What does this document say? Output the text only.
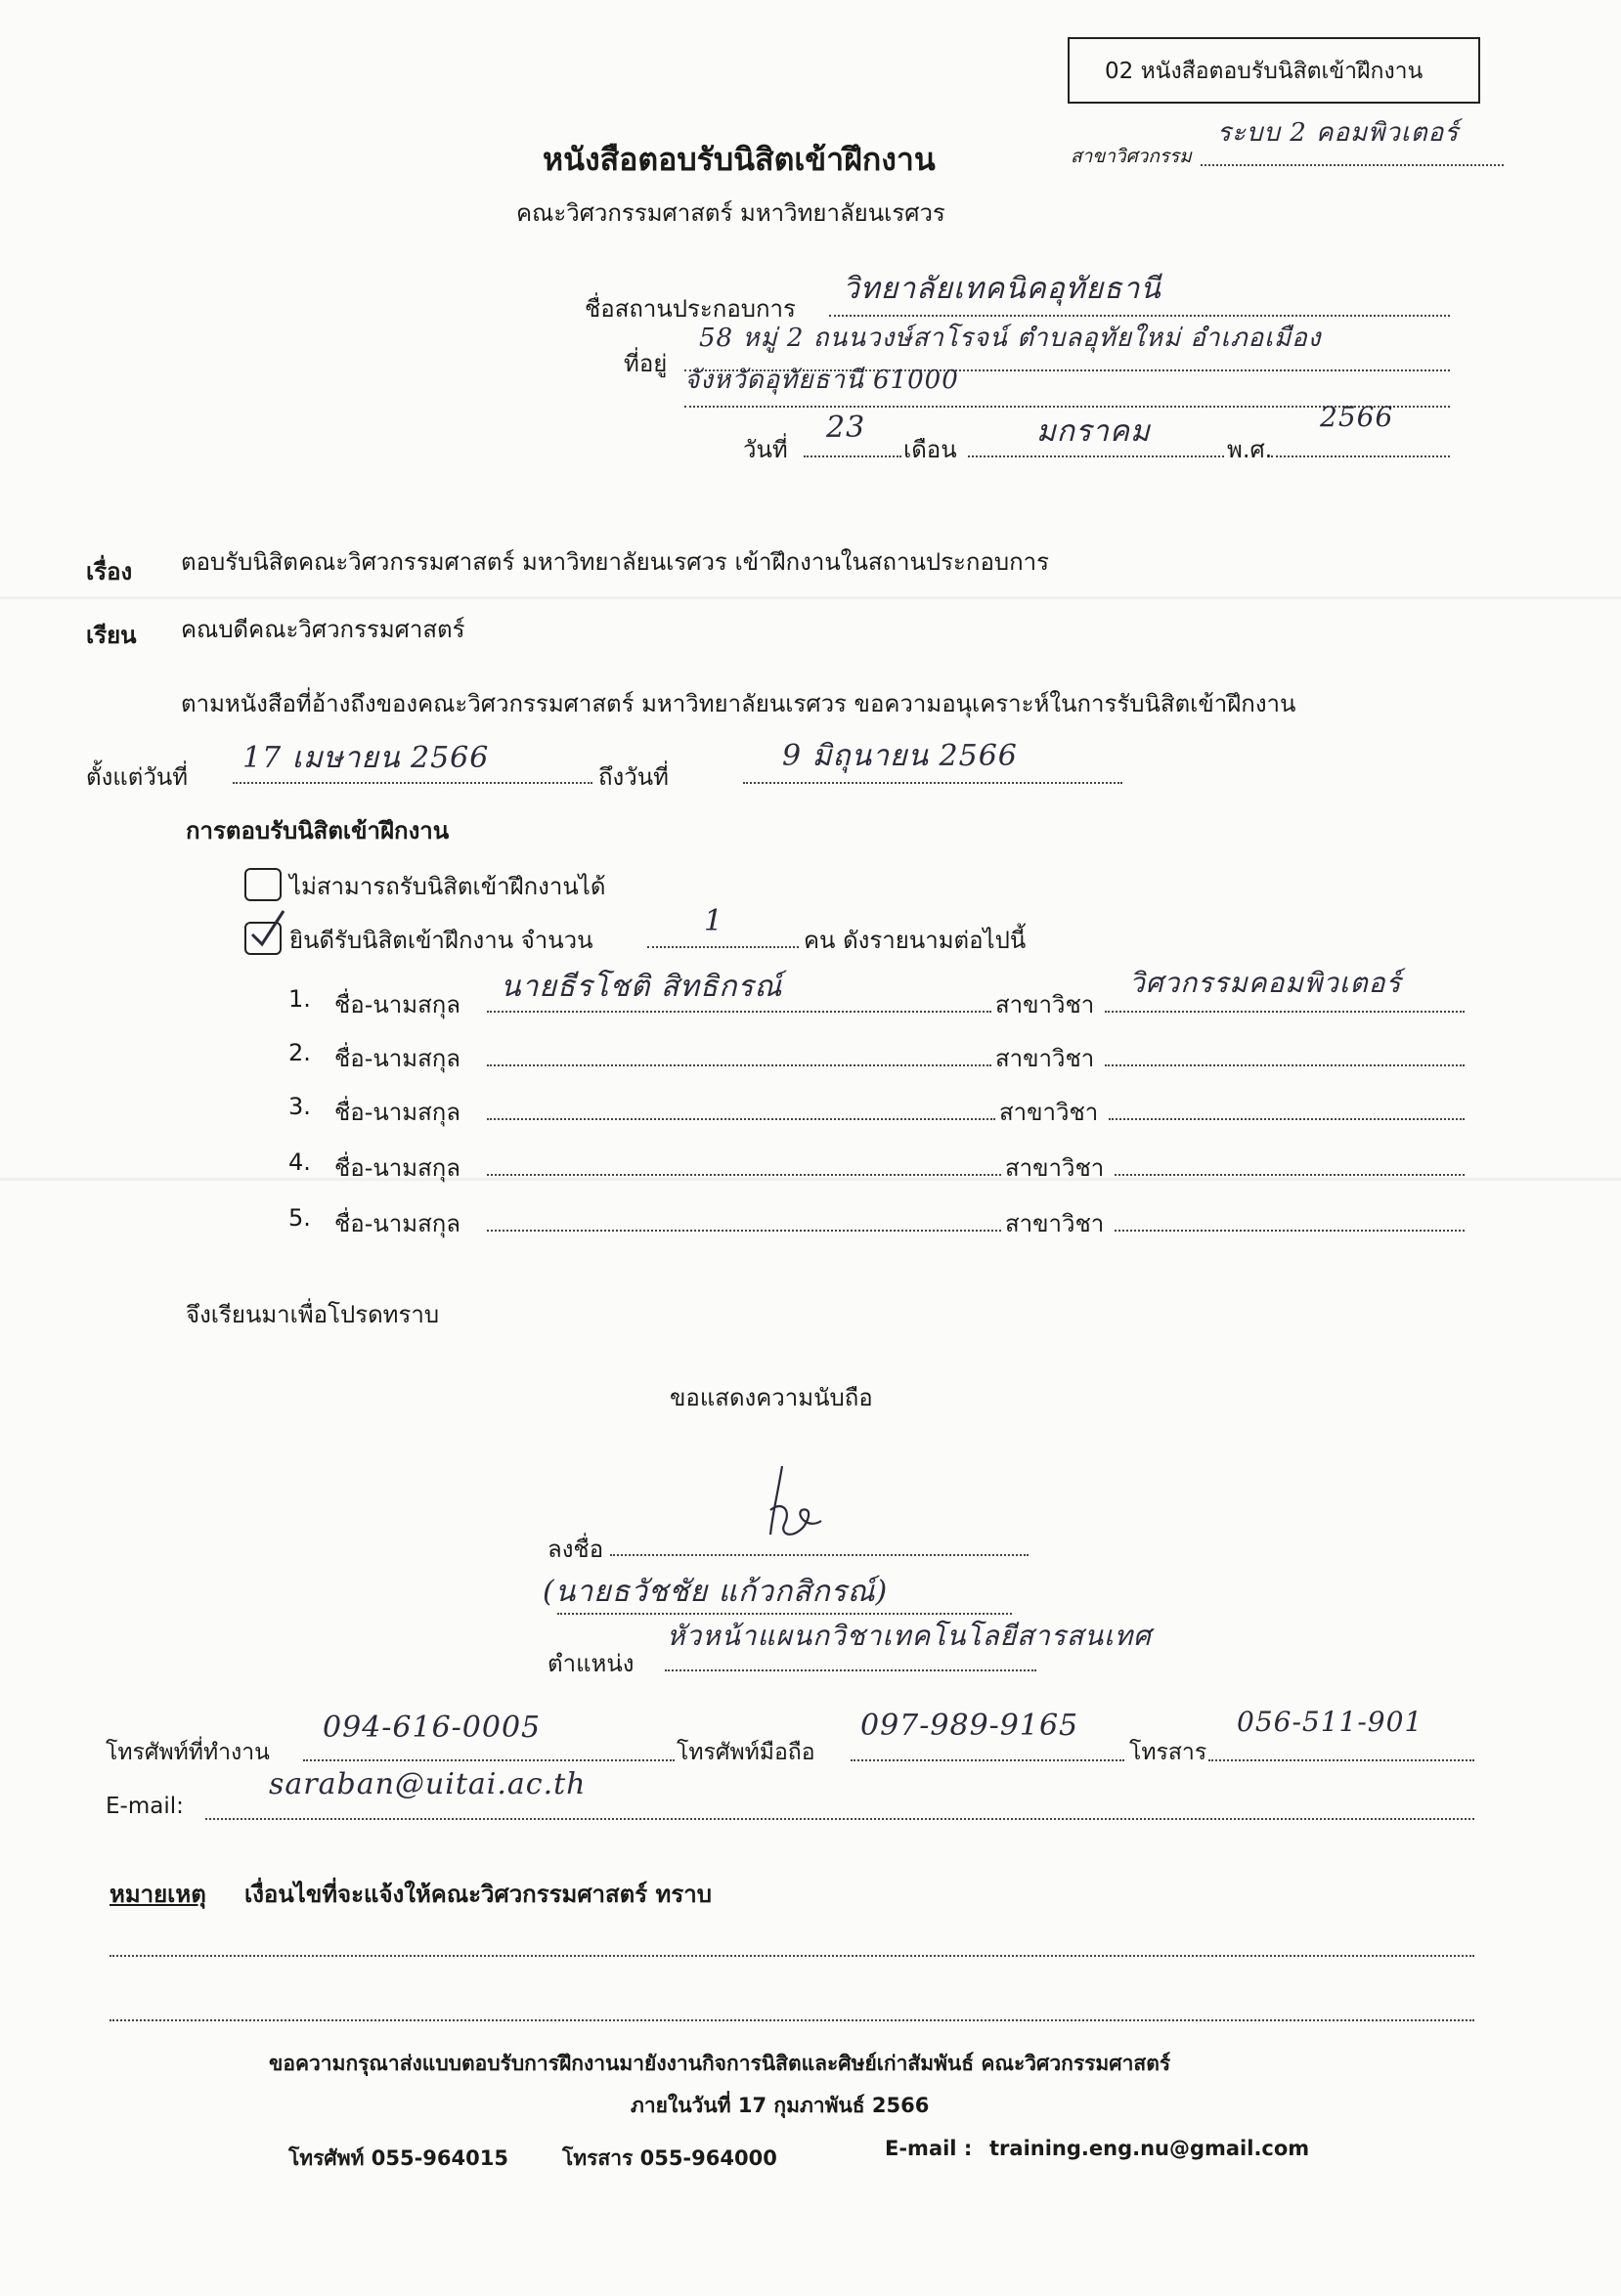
02 หนังสือตอบรับนิสิตเข้าฝึกงาน
หนังสือตอบรับนิสิตเข้าฝึกงาน	สาขาวิศวกรรม
ระบบ 2 คอมพิวเตอร์
คณะวิศวกรรมศาสตร์ มหาวิทยาลัยนเรศวร
ชื่อสถานประกอบการ
วิทยาลัยเทคนิคอุทัยธานี
ที่อยู่
58 หมู่ 2 ถนนวงษ์สาโรจน์ ตำบลอุทัยใหม่ อำเภอเมือง
จังหวัดอุทัยธานี 61000
วันที่
23
เดือน
มกราคม
พ.ศ.
2566
เรื่อง ตอบรับนิสิตคณะวิศวกรรมศาสตร์ มหาวิทยาลัยนเรศวร เข้าฝึกงานในสถานประกอบการ
เรียน คณบดีคณะวิศวกรรมศาสตร์
ตามหนังสือที่อ้างถึงของคณะวิศวกรรมศาสตร์ มหาวิทยาลัยนเรศวร ขอความอนุเคราะห์ในการรับนิสิตเข้าฝึกงาน
ตั้งแต่วันที่
17 เมษายน 2566
ถึงวันที่
9 มิถุนายน 2566
การตอบรับนิสิตเข้าฝึกงาน
ไม่สามารถรับนิสิตเข้าฝึกงานได้
ยินดีรับนิสิตเข้าฝึกงาน จำนวน
1
คน ดังรายนามต่อไปนี้
1. ชื่อ-นามสกุล	สาขาวิชา
นายธีรโชติ สิทธิกรณ์	วิศวกรรมคอมพิวเตอร์
2. ชื่อ-นามสกุล	สาขาวิชา
3. ชื่อ-นามสกุล	สาขาวิชา
4. ชื่อ-นามสกุล	สาขาวิชา
5. ชื่อ-นามสกุล	สาขาวิชา
จึงเรียนมาเพื่อโปรดทราบ
ขอแสดงความนับถือ
ลงชื่อ
(นายธวัชชัย แก้วกสิกรณ์)
ตำแหน่ง
หัวหน้าแผนกวิชาเทคโนโลยีสารสนเทศ
โทรศัพท์ที่ทำงาน
094-616-0005
โทรศัพท์มือถือ
097-989-9165
โทรสาร
056-511-901
E-mail:
saraban@uitai.ac.th
หมายเหตุ เงื่อนไขที่จะแจ้งให้คณะวิศวกรรมศาสตร์ ทราบ
ขอความกรุณาส่งแบบตอบรับการฝึกงานมายังงานกิจการนิสิตและศิษย์เก่าสัมพันธ์ คณะวิศวกรรมศาสตร์
ภายในวันที่ 17 กุมภาพันธ์ 2566
โทรศัพท์ 055-964015	โทรสาร 055-964000	E-mail : training.eng.nu@gmail.com
